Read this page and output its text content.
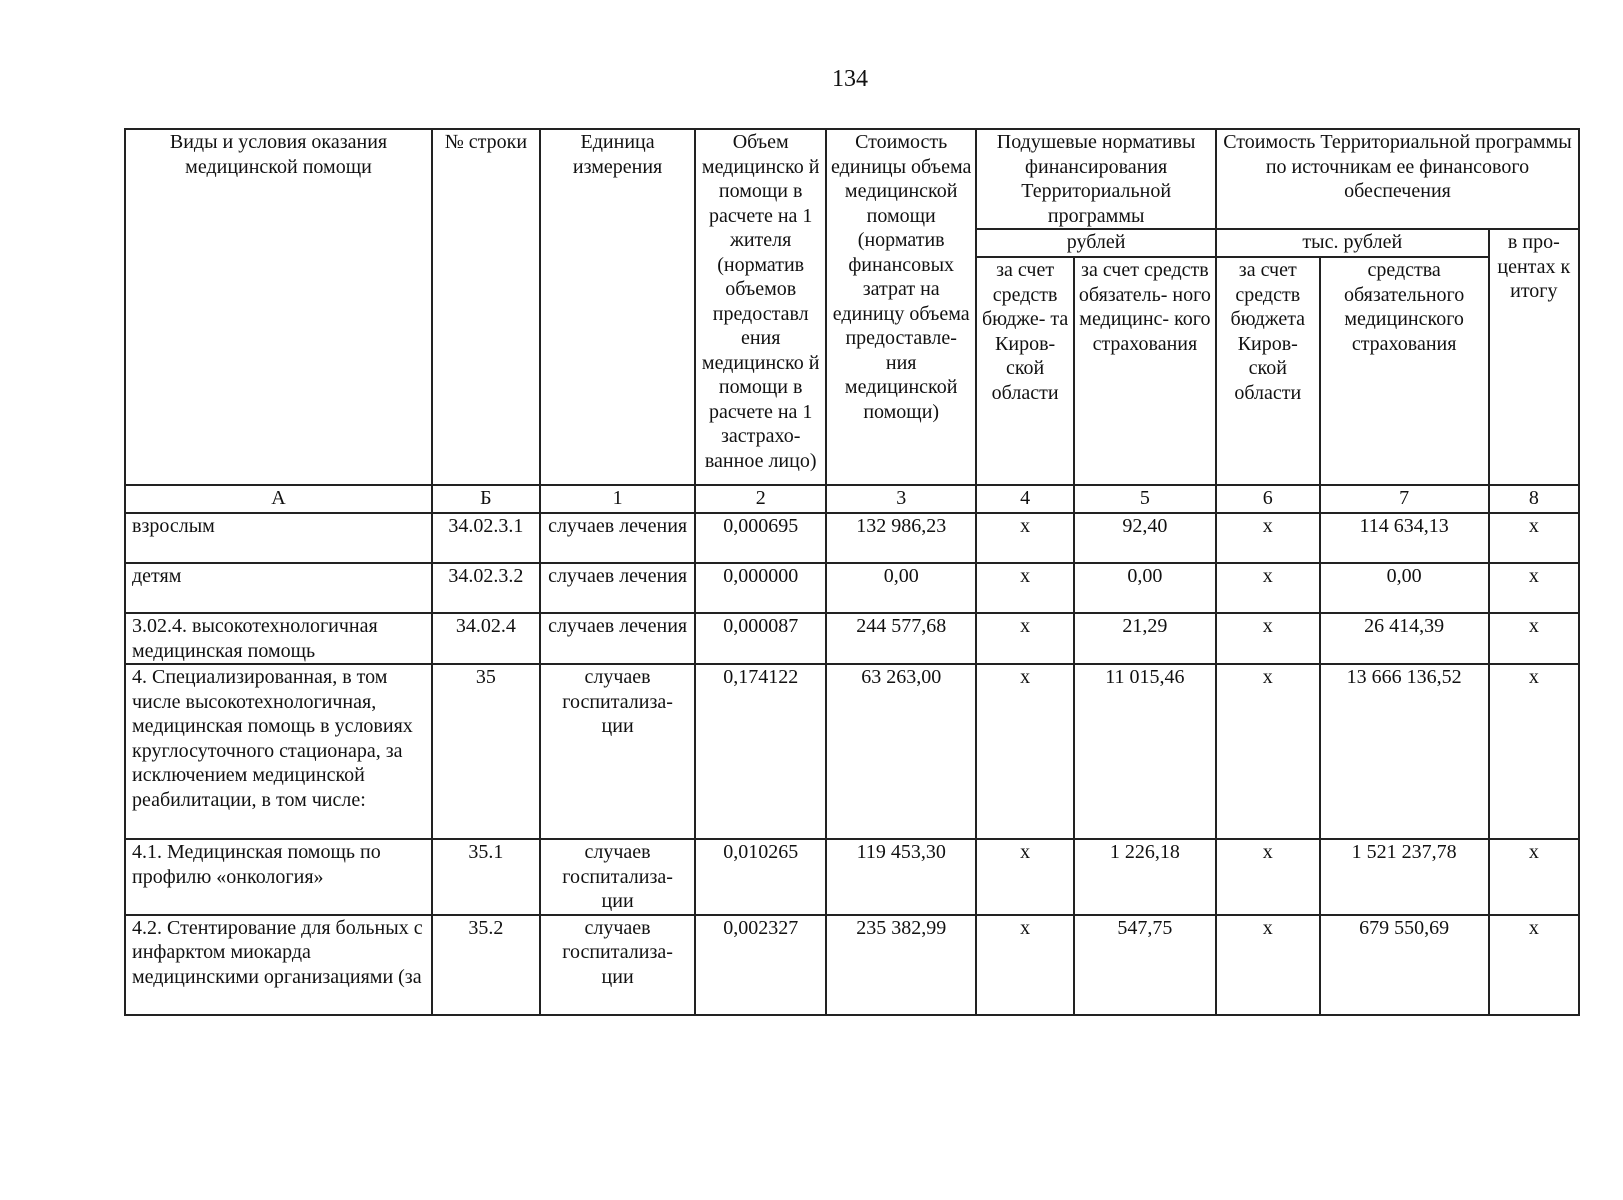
134
Виды и условия оказания медицинской помощи	№ строки	Единица измерения	Объем медицинско й помощи в расчете на 1 жителя (норматив объемов предоставл ения медицинско й помощи в расчете на 1 застрахо- ванное лицо)	Стоимость единицы объема медицинской помощи (норматив финансовых затрат на единицу объема предоставле- ния медицинской помощи)	Подушевые нормативы финансирования Территориальной программы		Стоимость Территориальной программы по источникам ее финансового обеспечения		
					рублей		тыс. рублей		в про- центах к итогу
					за счет средств бюдже- та Киров- ской области	за счет средств обязатель- ного медицинс- кого страхования	за счет средств бюджета Киров- ской области	средства обязательного медицинского страхования	
А	Б	1	2	3	4	5	6	7	8
взрослым	34.02.3.1	случаев лечения	0,000695	132 986,23	х	92,40	х	114 634,13	х
детям	34.02.3.2	случаев лечения	0,000000	0,00	х	0,00	х	0,00	х
3.02.4. высокотехнологичная медицинская помощь	34.02.4	случаев лечения	0,000087	244 577,68	х	21,29	х	26 414,39	х
4. Специализированная, в том числе высокотехнологичная, медицинская помощь в условиях круглосуточного стационара, за исключением медицинской реабилитации, в том числе:	35	случаев госпитализа- ции	0,174122	63 263,00	х	11 015,46	х	13 666 136,52	х
4.1. Медицинская помощь по профилю «онкология»	35.1	случаев госпитализа- ции	0,010265	119 453,30	х	1 226,18	х	1 521 237,78	х
4.2. Стентирование для больных с инфарктом миокарда медицинскими организациями (за	35.2	случаев госпитализа- ции	0,002327	235 382,99	х	547,75	х	679 550,69	х
